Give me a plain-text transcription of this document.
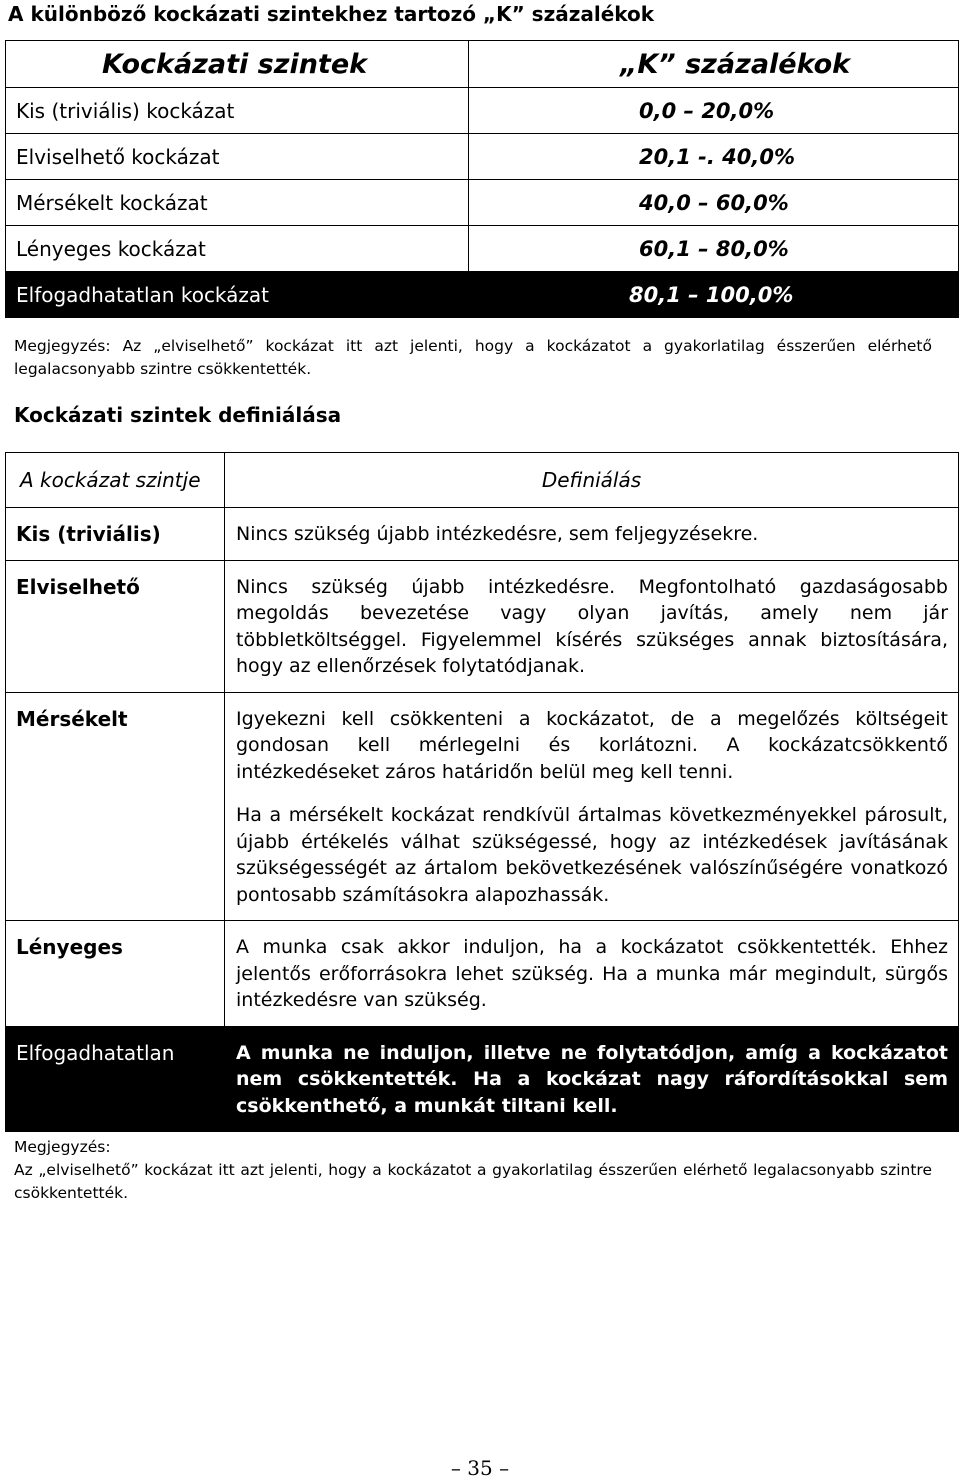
A különböző kockázati szintekhez tartozó „K” százalékok
Kockázati szintek	„K” százalékok
Kis (triviális) kockázat	0,0 – 20,0%
Elviselhető kockázat	20,1 -. 40,0%
Mérsékelt kockázat	40,0 – 60,0%
Lényeges kockázat	60,1 – 80,0%
Elfogadhatatlan kockázat	80,1 – 100,0%
Megjegyzés: Az „elviselhető” kockázat itt azt jelenti, hogy a kockázatot a gyakorlatilag ésszerűen elérhető legalacsonyabb szintre csökkentették.
Kockázati szintek definiálása
A kockázat szintje	Definiálás

Kis (triviális)	Nincs szükség újabb intézkedésre, sem feljegyzésekre.

Elviselhető	Nincs szükség újabb intézkedésre. Megfontolható gazdaságosabb megoldás bevezetése vagy olyan javítás, amely nem jár többletköltséggel. Figyelemmel kísérés szükséges annak biztosítására, hogy az ellenőrzések folytatódjanak.

Mérsékelt	Igyekezni kell csökkenteni a kockázatot, de a megelőzés költségeit gondosan kell mérlegelni és korlátozni. A kockázatcsökkentő intézkedéseket záros határidőn belül meg kell tenni.

Ha a mérsékelt kockázat rendkívül ártalmas következményekkel párosult, újabb értékelés válhat szükségessé, hogy az intézkedések javításának szükségességét az ártalom bekövetkezésének valószínűségére vonatkozó pontosabb számításokra alapozhassák.

Lényeges	A munka csak akkor induljon, ha a kockázatot csökkentették. Ehhez jelentős erőforrásokra lehet szükség. Ha a munka már megindult, sürgős intézkedésre van szükség.

Elfogadhatatlan	A munka ne induljon, illetve ne folytatódjon, amíg a kockázatot nem csökkentették. Ha a kockázat nagy ráfordításokkal sem csökkenthető, a munkát tiltani kell.

Megjegyzés:
Az „elviselhető” kockázat itt azt jelenti, hogy a kockázatot a gyakorlatilag ésszerűen elérhető legalacsonyabb szintre csökkentették.
– 35 –
